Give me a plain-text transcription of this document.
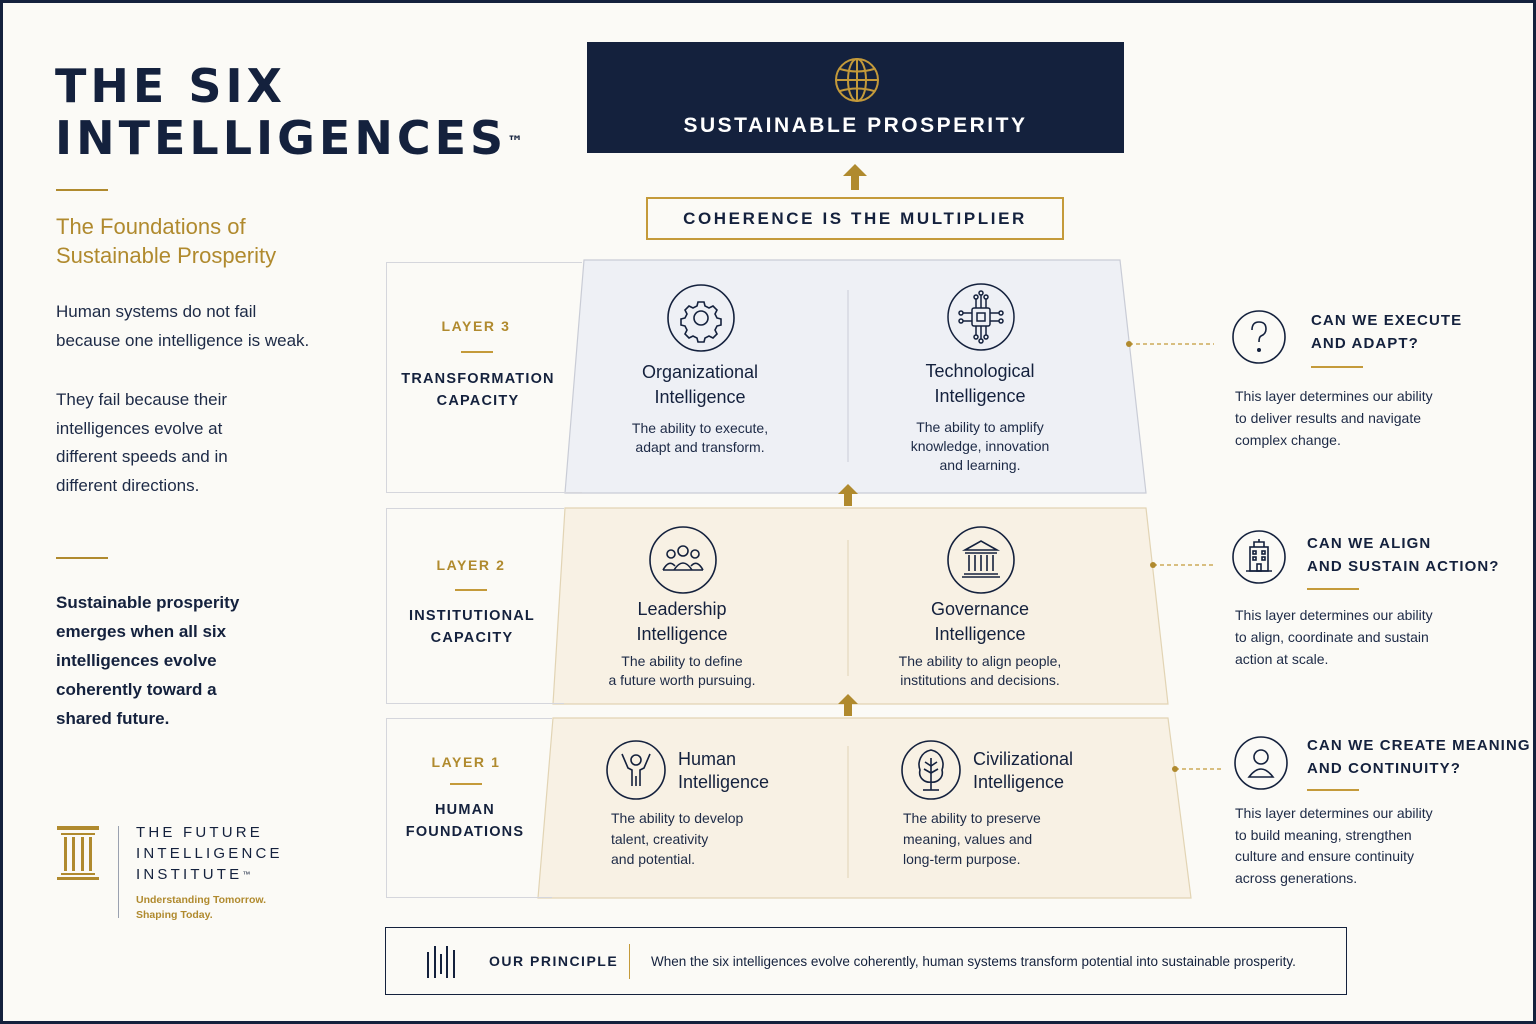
THE SIX
INTELLIGENCES™
The Foundations of
Sustainable Prosperity
Human systems do not fail
because one intelligence is weak.
They fail because their
intelligences evolve at
different speeds and in
different directions.
Sustainable prosperity
emerges when all six
intelligences evolve
coherently toward a
shared future.
THE FUTURE
INTELLIGENCE
INSTITUTE™
Understanding Tomorrow.
Shaping Today.
SUSTAINABLE PROSPERITY
COHERENCE IS THE MULTIPLIER
LAYER 3
TRANSFORMATION
CAPACITY
LAYER 2
INSTITUTIONAL
CAPACITY
LAYER 1
HUMAN
FOUNDATIONS
Organizational
Intelligence
The ability to execute,
adapt and transform.
Technological
Intelligence
The ability to amplify
knowledge, innovation
and learning.
Leadership
Intelligence
The ability to define
a future worth pursuing.
Governance
Intelligence
The ability to align people,
institutions and decisions.
Human
Intelligence
The ability to develop
talent, creativity
and potential.
Civilizational
Intelligence
The ability to preserve
meaning, values and
long-term purpose.
CAN WE EXECUTE
AND ADAPT?
This layer determines our ability
to deliver results and navigate
complex change.
CAN WE ALIGN
AND SUSTAIN ACTION?
This layer determines our ability
to align, coordinate and sustain
action at scale.
CAN WE CREATE MEANING
AND CONTINUITY?
This layer determines our ability
to build meaning, strengthen
culture and ensure continuity
across generations.
OUR PRINCIPLE When the six intelligences evolve coherently, human systems transform potential into sustainable prosperity.
